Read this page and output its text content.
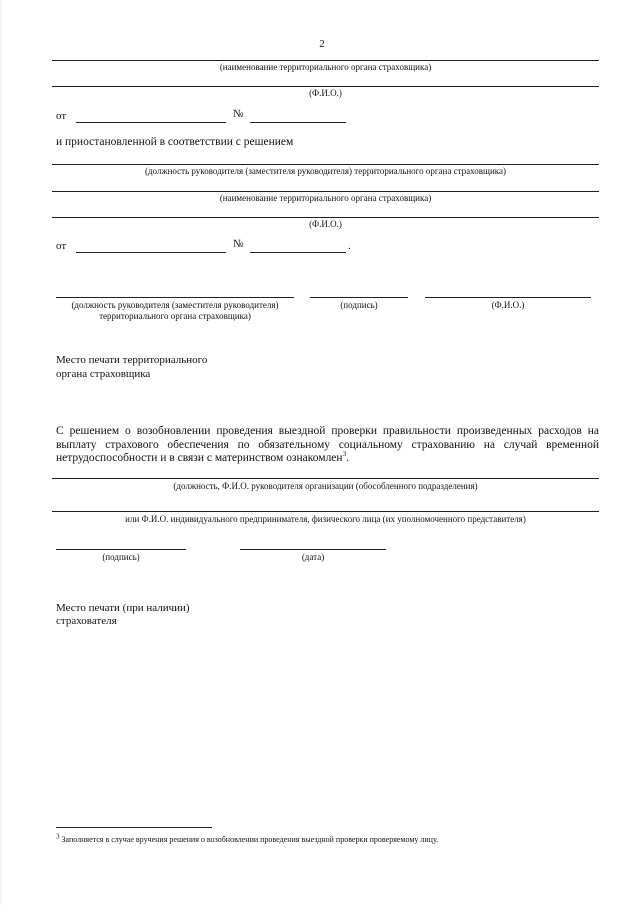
2
(наименование территориального органа страховщика)
(Ф.И.О.)
от	№
и приостановленной в соответствии с решением
(должность руководителя (заместителя руководителя) территориального органа страховщика)
(наименование территориального органа страховщика)
(Ф.И.О.)
от	№	.
(должность руководителя (заместителя руководителя)
территориального органа страховщика)
(подпись)	(Ф.И.О.)
Место печати территориального
органа страховщика
С решением о возобновлении проведения выездной проверки правильности произведенных расходов на
выплату страхового обеспечения по обязательному социальному страхованию на случай временной
нетрудоспособности и в связи с материнством ознакомлен$^3$.
(должность, Ф.И.О. руководителя организации (обособленного подразделения)
или Ф.И.О. индивидуального предпринимателя, физического лица (их уполномоченного представителя)
(подпись)	(дата)
Место печати (при наличии)
страхователя
3 Заполняется в случае вручения решения о возобновлении проведения выездной проверки проверяемому лицу.
